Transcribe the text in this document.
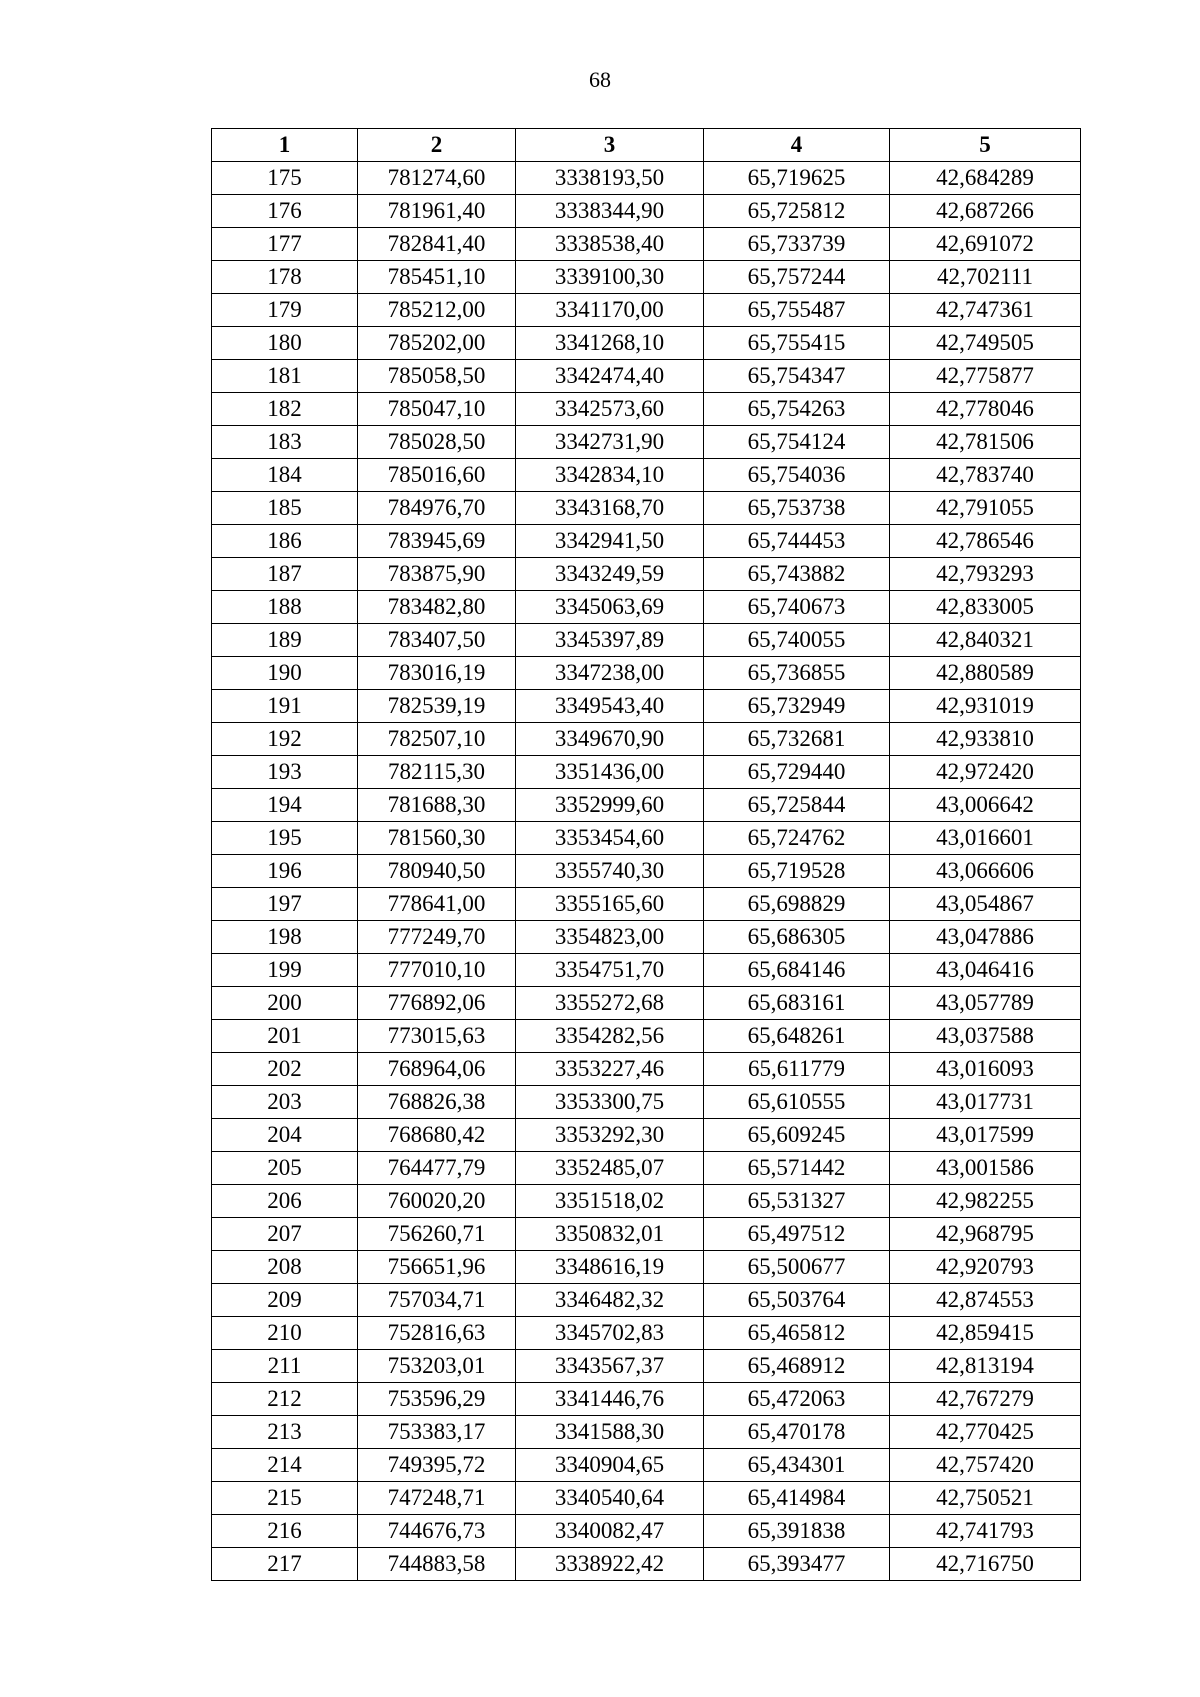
68
1	2	3	4	5
175	781274,60	3338193,50	65,719625	42,684289
176	781961,40	3338344,90	65,725812	42,687266
177	782841,40	3338538,40	65,733739	42,691072
178	785451,10	3339100,30	65,757244	42,702111
179	785212,00	3341170,00	65,755487	42,747361
180	785202,00	3341268,10	65,755415	42,749505
181	785058,50	3342474,40	65,754347	42,775877
182	785047,10	3342573,60	65,754263	42,778046
183	785028,50	3342731,90	65,754124	42,781506
184	785016,60	3342834,10	65,754036	42,783740
185	784976,70	3343168,70	65,753738	42,791055
186	783945,69	3342941,50	65,744453	42,786546
187	783875,90	3343249,59	65,743882	42,793293
188	783482,80	3345063,69	65,740673	42,833005
189	783407,50	3345397,89	65,740055	42,840321
190	783016,19	3347238,00	65,736855	42,880589
191	782539,19	3349543,40	65,732949	42,931019
192	782507,10	3349670,90	65,732681	42,933810
193	782115,30	3351436,00	65,729440	42,972420
194	781688,30	3352999,60	65,725844	43,006642
195	781560,30	3353454,60	65,724762	43,016601
196	780940,50	3355740,30	65,719528	43,066606
197	778641,00	3355165,60	65,698829	43,054867
198	777249,70	3354823,00	65,686305	43,047886
199	777010,10	3354751,70	65,684146	43,046416
200	776892,06	3355272,68	65,683161	43,057789
201	773015,63	3354282,56	65,648261	43,037588
202	768964,06	3353227,46	65,611779	43,016093
203	768826,38	3353300,75	65,610555	43,017731
204	768680,42	3353292,30	65,609245	43,017599
205	764477,79	3352485,07	65,571442	43,001586
206	760020,20	3351518,02	65,531327	42,982255
207	756260,71	3350832,01	65,497512	42,968795
208	756651,96	3348616,19	65,500677	42,920793
209	757034,71	3346482,32	65,503764	42,874553
210	752816,63	3345702,83	65,465812	42,859415
211	753203,01	3343567,37	65,468912	42,813194
212	753596,29	3341446,76	65,472063	42,767279
213	753383,17	3341588,30	65,470178	42,770425
214	749395,72	3340904,65	65,434301	42,757420
215	747248,71	3340540,64	65,414984	42,750521
216	744676,73	3340082,47	65,391838	42,741793
217	744883,58	3338922,42	65,393477	42,716750
